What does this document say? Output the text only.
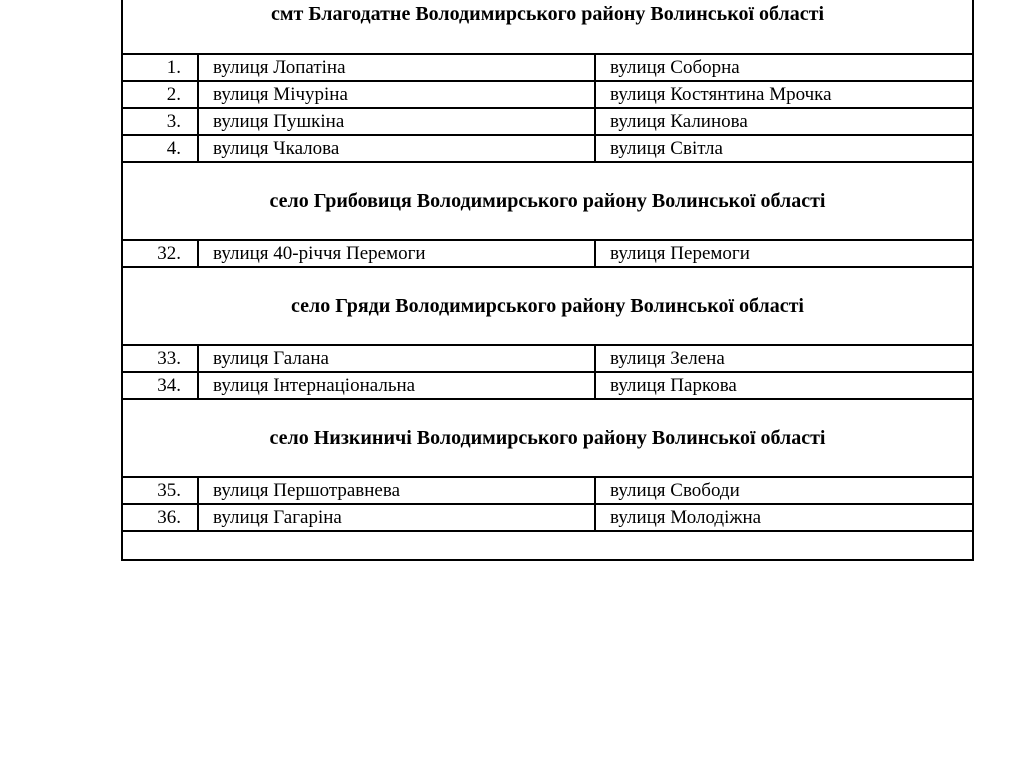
смт Благодатне Володимирського району Волинської області		
1.	вулиця Лопатіна	вулиця Соборна
2.	вулиця Мічуріна	вулиця Костянтина Мрочка
3.	вулиця Пушкіна	вулиця Калинова
4.	вулиця Чкалова	вулиця Світла
село Грибовиця Володимирського району Волинської області		
32.	вулиця 40-річчя Перемоги	вулиця Перемоги
село Гряди Володимирського району Волинської області		
33.	вулиця Галана	вулиця Зелена
34.	вулиця Інтернаціональна	вулиця Паркова
село Низкиничі Володимирського району Волинської області		
35.	вулиця Першотравнева	вулиця Свободи
36.	вулиця Гагаріна	вулиця Молодіжна
